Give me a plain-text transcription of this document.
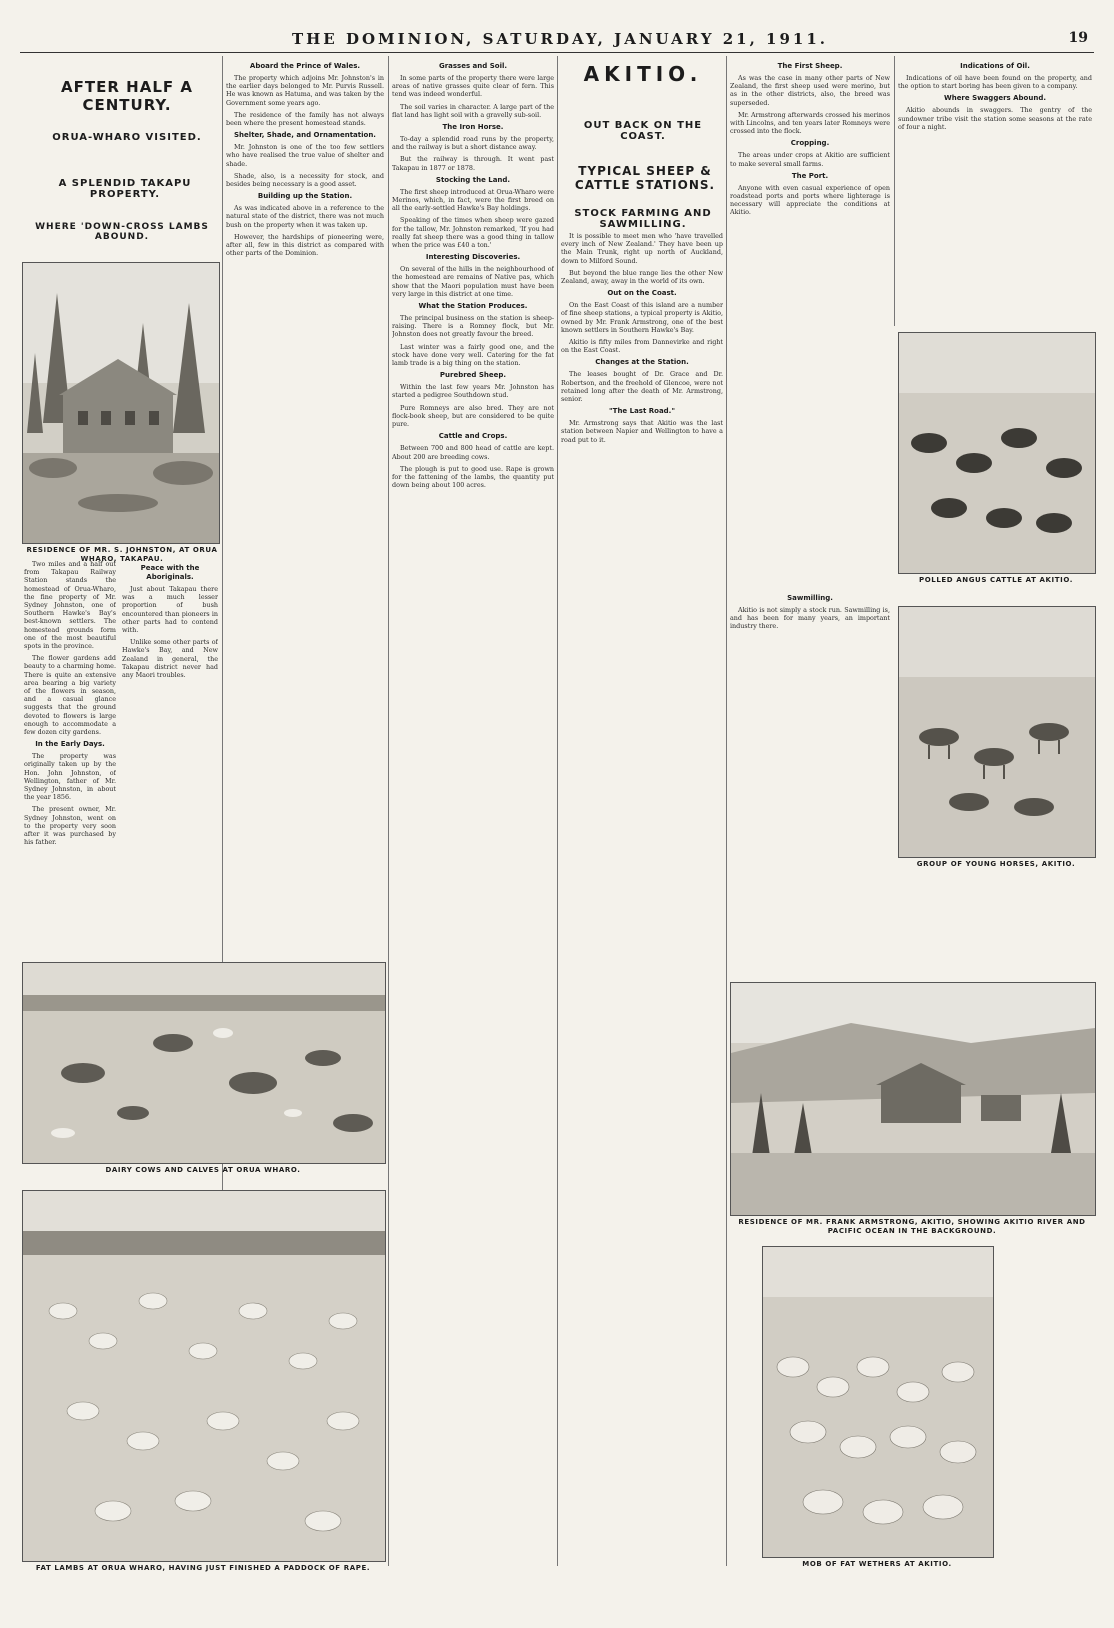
THE DOMINION, SATURDAY, JANUARY 21, 1911.	19
AFTER HALF A CENTURY.
ORUA-WHARO VISITED.
A SPLENDID TAKAPU PROPERTY.
WHERE 'DOWN-CROSS LAMBS ABOUND.
RESIDENCE OF MR. S. JOHNSTON, AT ORUA WHARO, TAKAPAU.

Two miles and a half out from Takapau Railway Station stands the homestead of Orua-Wharo, the fine property of Mr. Sydney Johnston, one of Southern Hawke's Bay's best-known settlers. The homestead grounds form one of the most beautiful spots in the province.

The flower gardens add beauty to a charming home. There is quite an extensive area bearing a big variety of the flowers in season, and a casual glance suggests that the ground devoted to flowers is large enough to accommodate a few dozen city gardens.

In the Early Days.

The property was originally taken up by the Hon. John Johnston, of Wellington, father of Mr. Sydney Johnston, in about the year 1856.

The present owner, Mr. Sydney Johnston, went on to the property very soon after it was purchased by his father.

Peace with the Aboriginals.

Just about Takapau there was a much lesser proportion of bush encountered than pioneers in other parts had to contend with.

Unlike some other parts of Hawke's Bay, and New Zealand in general, the Takapau district never had any Maori troubles.

Aboard the Prince of Wales.

The property which adjoins Mr. Johnston's in the earlier days belonged to Mr. Purvis Russell. He was known as Hatuma, and was taken by the Government some years ago.

The residence of the family has not always been where the present homestead stands.

Shelter, Shade, and Ornamentation.

Mr. Johnston is one of the too few settlers who have realised the true value of shelter and shade.

Shade, also, is a necessity for stock, and besides being necessary is a good asset.

Building up the Station.

As was indicated above in a reference to the natural state of the district, there was not much bush on the property when it was taken up.

However, the hardships of pioneering were, after all, few in this district as compared with other parts of the Dominion.

Grasses and Soil.

In some parts of the property there were large areas of native grasses quite clear of fern. This tend was indeed wonderful.

The soil varies in character. A large part of the flat land has light soil with a gravelly sub-soil.

The Iron Horse.

To-day a splendid road runs by the property, and the railway is but a short distance away.

But the railway is through. It went past Takapau in 1877 or 1878.

Stocking the Land.

The first sheep introduced at Orua-Wharo were Merinos, which, in fact, were the first breed on all the early-settled Hawke's Bay holdings.

Speaking of the times when sheep were gazed for the tallow, Mr. Johnston remarked, 'If you had really fat sheep there was a good thing in tallow when the price was £40 a ton.'

Interesting Discoveries.

On several of the hills in the neighbourhood of the homestead are remains of Native pas, which show that the Maori population must have been very large in this district at one time.

What the Station Produces.

The principal business on the station is sheep-raising. There is a Romney flock, but Mr. Johnston does not greatly favour the breed.

Last winter was a fairly good one, and the stock have done very well. Catering for the fat lamb trade is a big thing on the station.

Purebred Sheep.

Within the last few years Mr. Johnston has started a pedigree Southdown stud.

Pure Romneys are also bred. They are not flock-book sheep, but are considered to be quite pure.

Cattle and Crops.

Between 700 and 800 head of cattle are kept. About 200 are breeding cows.

The plough is put to good use. Rape is grown for the fattening of the lambs, the quantity put down being about 100 acres.

DAIRY COWS AND CALVES AT ORUA WHARO.
FAT LAMBS AT ORUA WHARO, HAVING JUST FINISHED A PADDOCK OF RAPE.
AKITIO.
OUT BACK ON THE COAST.
TYPICAL SHEEP & CATTLE STATIONS.
STOCK FARMING AND SAWMILLING.

It is possible to meet men who 'have travelled every inch of New Zealand.' They have been up the Main Trunk, right up north of Auckland, down to Milford Sound.

But beyond the blue range lies the other New Zealand, away, away in the world of its own.

Out on the Coast.

On the East Coast of this island are a number of fine sheep stations, a typical property is Akitio, owned by Mr. Frank Armstrong, one of the best known settlers in Southern Hawke's Bay.

Akitio is fifty miles from Dannevirke and right on the East Coast.

Changes at the Station.

The leases bought of Dr. Grace and Dr. Robertson, and the freehold of Glencoe, were not retained long after the death of Mr. Armstrong, senior.

"The Last Road."

Mr. Armstrong says that Akitio was the last station between Napier and Wellington to have a road put to it.

The First Sheep.

As was the case in many other parts of New Zealand, the first sheep used were merino, but as in the other districts, also, the breed was superseded.

Mr. Armstrong afterwards crossed his merinos with Lincolns, and ten years later Romneys were crossed into the flock.

Cropping.

The areas under crops at Akitio are sufficient to make several small farms.

The Port.

Anyone with even casual experience of open roadstead ports and ports where lighterage is necessary will appreciate the conditions at Akitio.

Indications of Oil.

Indications of oil have been found on the property, and the option to start boring has been given to a company.

Where Swaggers Abound.

Akitio abounds in swaggers. The gentry of the sundowner tribe visit the station some seasons at the rate of four a night.

Sawmilling.

Akitio is not simply a stock run. Sawmilling is, and has been for many years, an important industry there.

POLLED ANGUS CATTLE AT AKITIO.
GROUP OF YOUNG HORSES, AKITIO.
RESIDENCE OF MR. FRANK ARMSTRONG, AKITIO, SHOWING AKITIO RIVER AND PACIFIC OCEAN IN THE BACKGROUND.
MOB OF FAT WETHERS AT AKITIO.
